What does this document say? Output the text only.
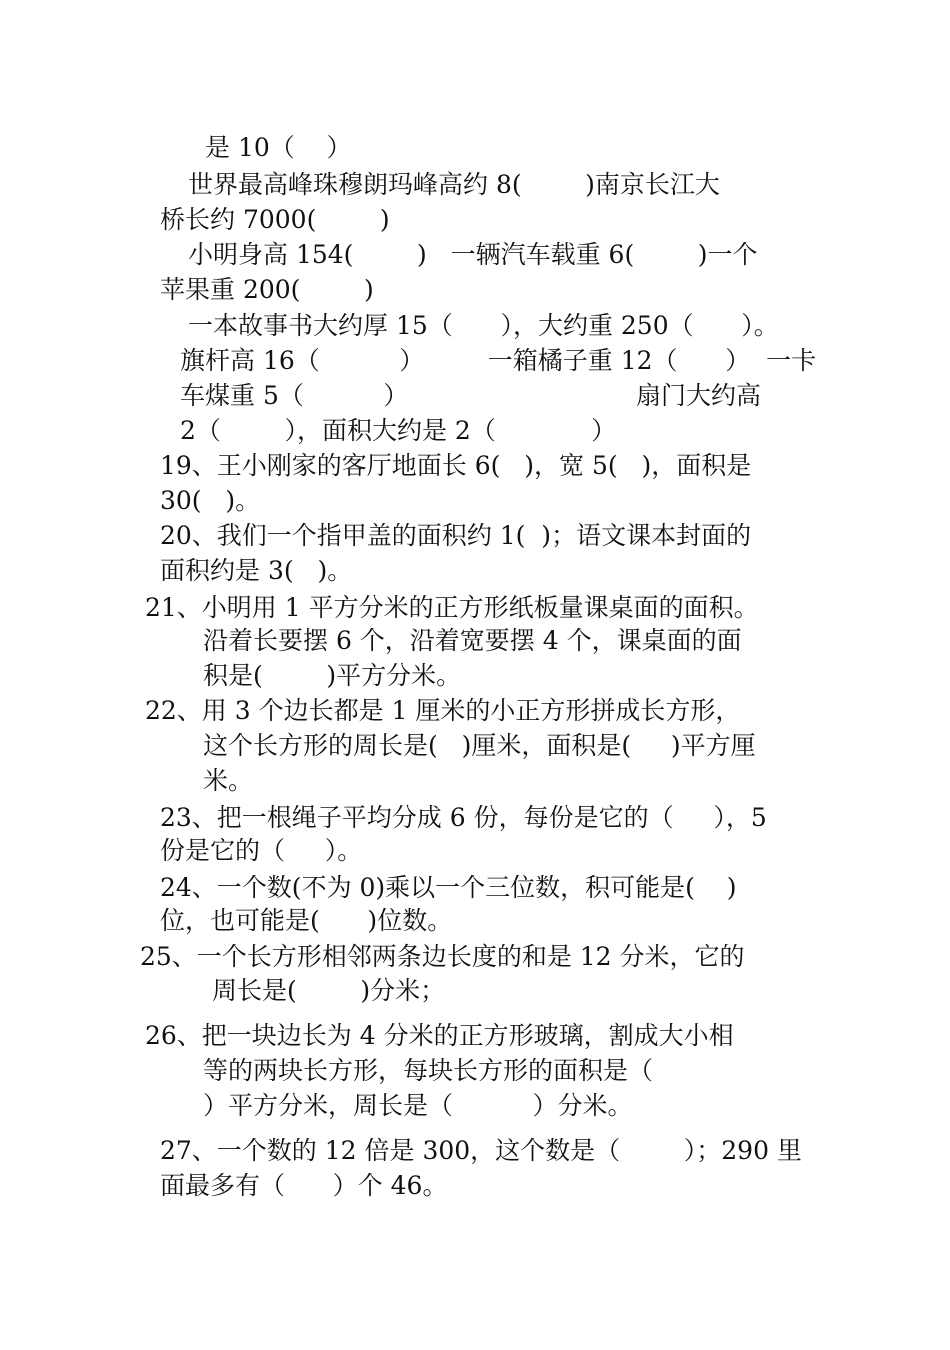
是 10（    ）
世界最高峰珠穆朗玛峰高约 8(        )南京长江大
桥长约 7000(        )
小明身高 154(        )   一辆汽车载重 6(        )一个
苹果重 200(        )
一本故事书大约厚 15（      ），大约重 250（      ）。
旗杆高 16（          ）        一箱橘子重 12（      ）  一卡
车煤重 5（          ）	扇门大约高
2（        ），面积大约是 2（            ）
19、王小刚家的客厅地面长 6(   )，宽 5(   )，面积是
30(   )。
20、我们一个指甲盖的面积约 1(  )；语文课本封面的
面积约是 3(   )。
21、小明用 1 平方分米的正方形纸板量课桌面的面积。
沿着长要摆 6 个，沿着宽要摆 4 个，课桌面的面
积是(        )平方分米。
22、用 3 个边长都是 1 厘米的小正方形拼成长方形，
这个长方形的周长是(   )厘米，面积是(     )平方厘
米。
23、把一根绳子平均分成 6 份，每份是它的（     ），5
份是它的（     ）。
24、一个数(不为 0)乘以一个三位数，积可能是(    )
位，也可能是(      )位数。
25、一个长方形相邻两条边长度的和是 12 分米，它的
周长是(        )分米；
26、把一块边长为 4 分米的正方形玻璃，割成大小相
等的两块长方形，每块长方形的面积是（
）平方分米，周长是（          ）分米。
27、一个数的 12 倍是 300，这个数是（        ）；290 里
面最多有（      ）个 46。
